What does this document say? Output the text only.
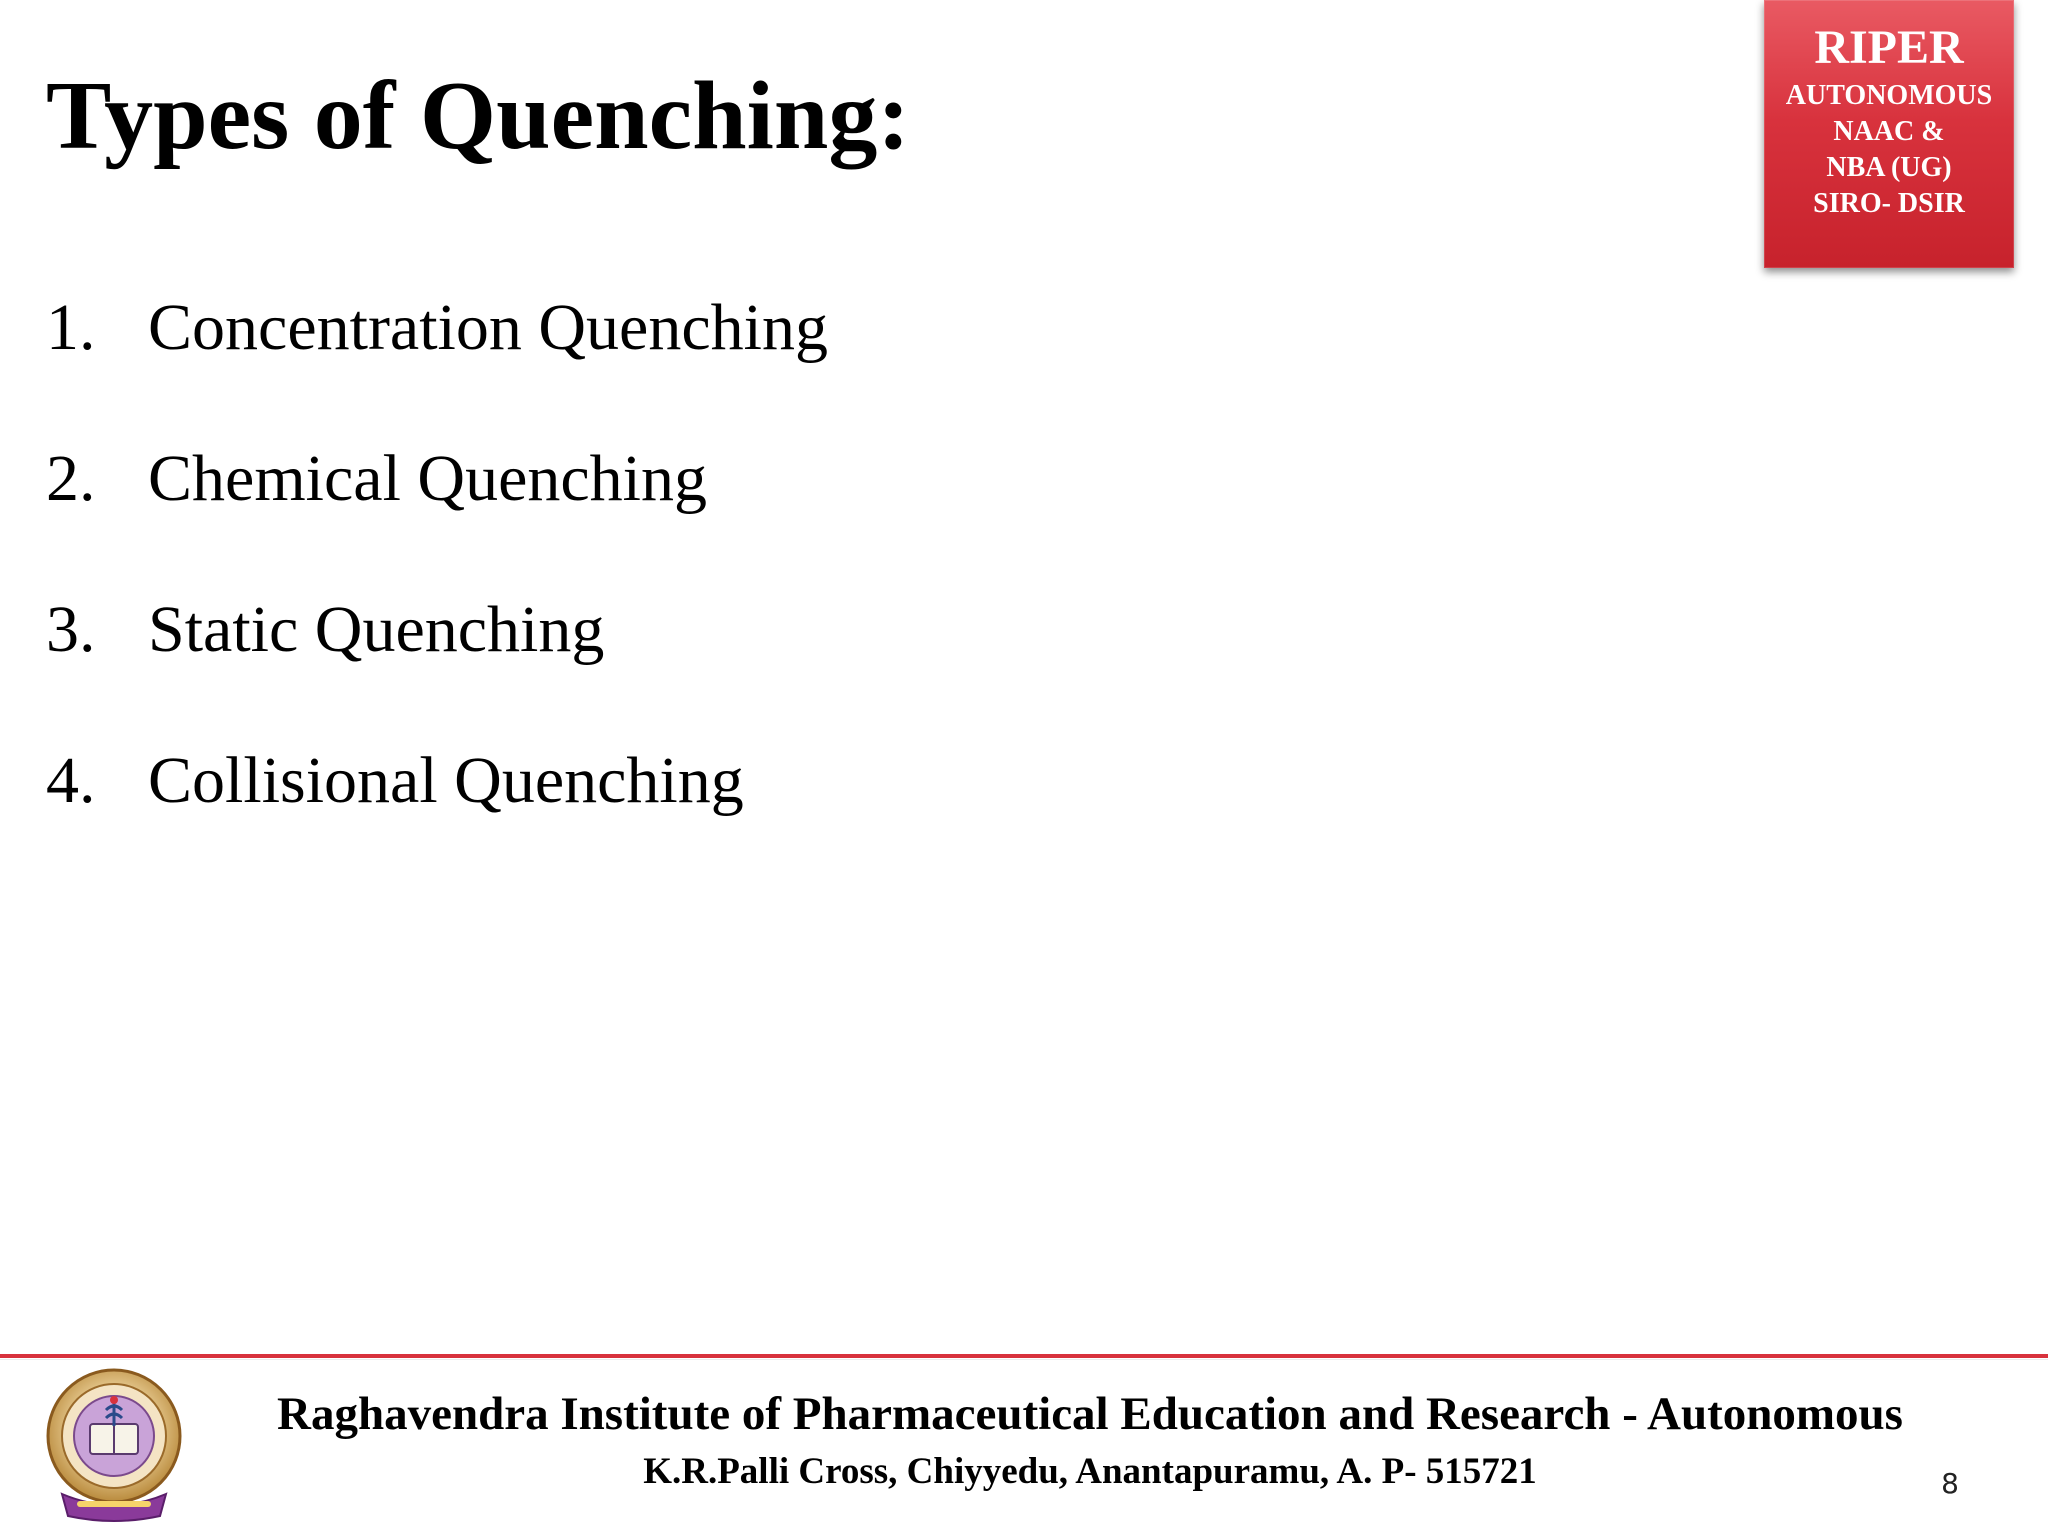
Types of Quenching:
RIPER
AUTONOMOUS
NAAC &
NBA (UG)
SIRO- DSIR
1. Concentration Quenching
2. Chemical Quenching
3. Static Quenching
4. Collisional Quenching
Raghavendra Institute of Pharmaceutical Education and Research - Autonomous
K.R.Palli Cross, Chiyyedu, Anantapuramu, A. P- 515721	8
